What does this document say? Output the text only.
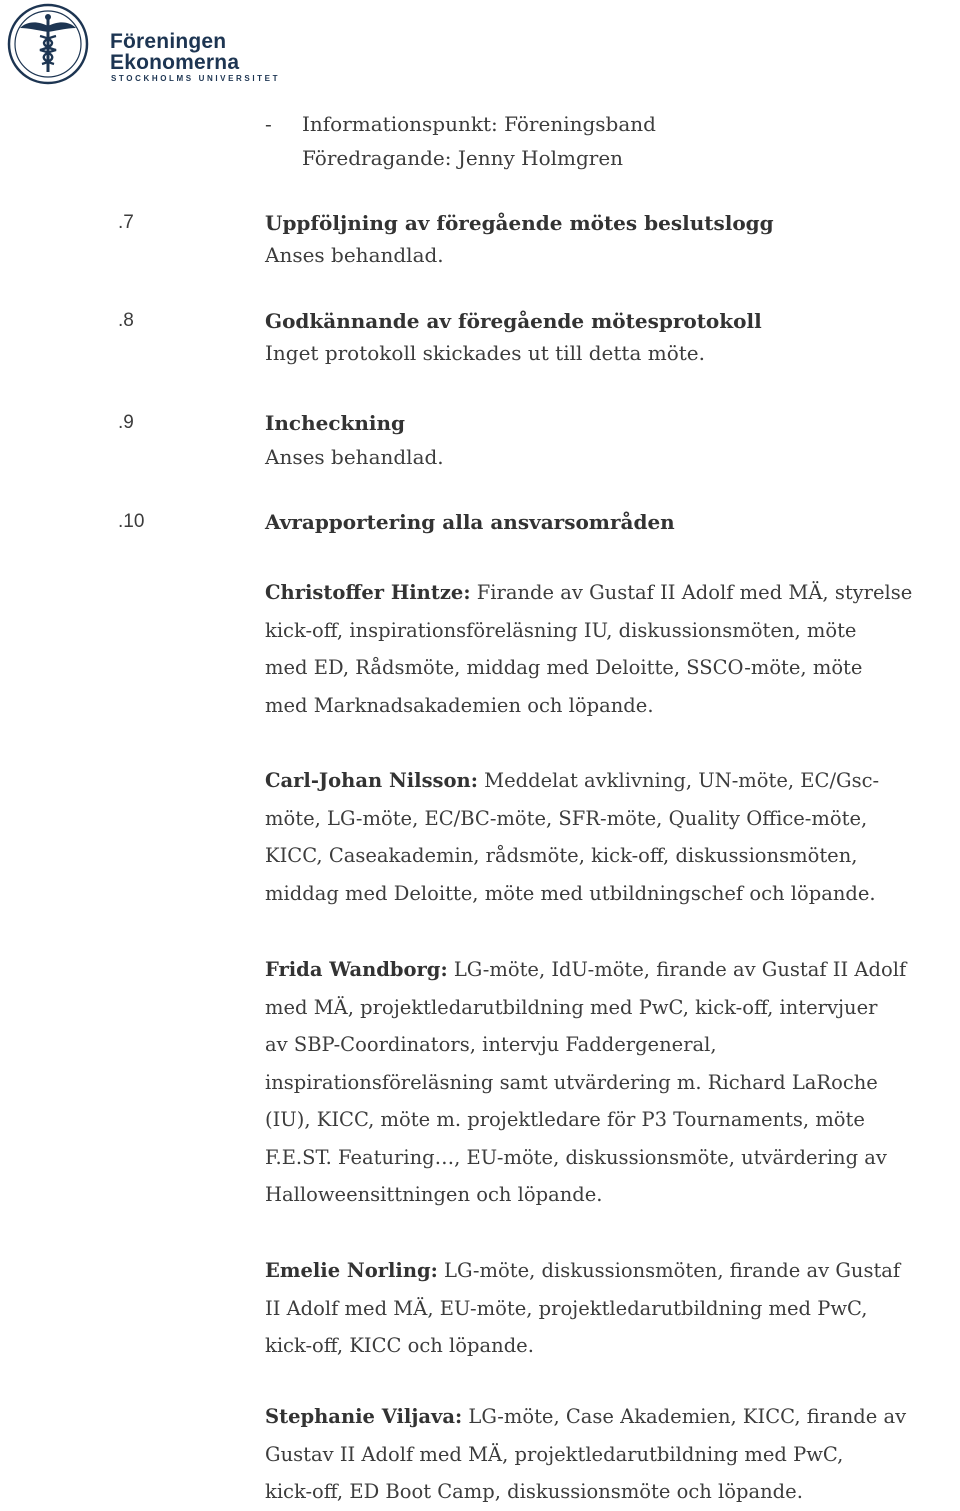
Föreningen
Ekonomerna
STOCKHOLMS UNIVERSITET
- Informationspunkt: Föreningsband
Föredragande: Jenny Holmgren
.7	Uppföljning av föregående mötes beslutslogg
Anses behandlad.
.8	Godkännande av föregående mötesprotokoll
Inget protokoll skickades ut till detta möte.
.9	Incheckning
Anses behandlad.
.10	Avrapportering alla ansvarsområden
Christoffer Hintze: Firande av Gustaf II Adolf med MÄ, styrelse
kick-off, inspirationsföreläsning IU, diskussionsmöten, möte
med ED, Rådsmöte, middag med Deloitte, SSCO-möte, möte
med Marknadsakademien och löpande.
Carl-Johan Nilsson: Meddelat avklivning, UN-möte, EC/Gsc-
möte, LG-möte, EC/BC-möte, SFR-möte, Quality Office-möte,
KICC, Caseakademin, rådsmöte, kick-off, diskussionsmöten,
middag med Deloitte, möte med utbildningschef och löpande.
Frida Wandborg: LG-möte, IdU-möte, firande av Gustaf II Adolf
med MÄ, projektledarutbildning med PwC, kick-off, intervjuer
av SBP-Coordinators, intervju Faddergeneral,
inspirationsföreläsning samt utvärdering m. Richard LaRoche
(IU), KICC, möte m. projektledare för P3 Tournaments, möte
F.E.ST. Featuring…, EU-möte, diskussionsmöte, utvärdering av
Halloweensittningen och löpande.
Emelie Norling: LG-möte, diskussionsmöten, firande av Gustaf
II Adolf med MÄ, EU-möte, projektledarutbildning med PwC,
kick-off, KICC och löpande.
Stephanie Viljava: LG-möte, Case Akademien, KICC, firande av
Gustav II Adolf med MÄ, projektledarutbildning med PwC,
kick-off, ED Boot Camp, diskussionsmöte och löpande.
